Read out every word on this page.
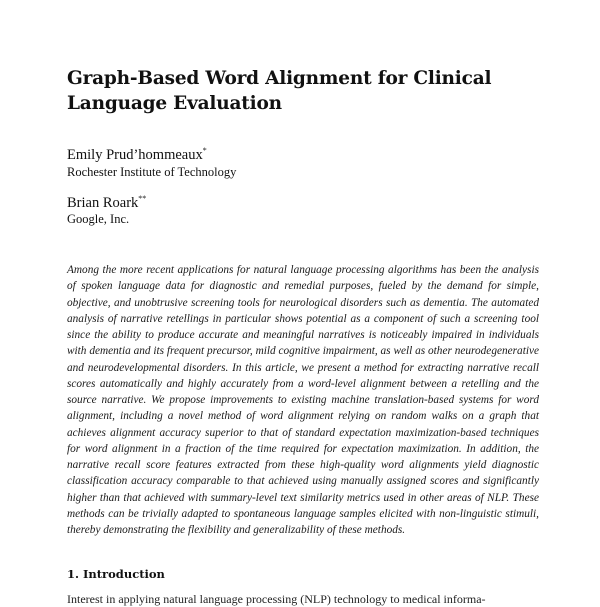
Graph-Based Word Alignment for Clinical
Language Evaluation
Emily Prud’hommeaux*
Rochester Institute of Technology
Brian Roark**
Google, Inc.
Among the more recent applications for natural language processing algorithms has been the analysis of spoken language data for diagnostic and remedial purposes, fueled by the demand for simple, objective, and unobtrusive screening tools for neurological disorders such as dementia. The automated analysis of narrative retellings in particular shows potential as a component of such a screening tool since the ability to produce accurate and meaningful narratives is noticeably impaired in individuals with dementia and its frequent precursor, mild cognitive impairment, as well as other neurodegenerative and neurodevelopmental disorders. In this article, we present a method for extracting narrative recall scores automatically and highly accurately from a word-level alignment between a retelling and the source narrative. We propose improvements to existing machine translation-based systems for word alignment, including a novel method of word alignment relying on random walks on a graph that achieves alignment accuracy superior to that of standard expectation maximization-based techniques for word alignment in a fraction of the time required for expectation maximization. In addition, the narrative recall score features extracted from these high-quality word alignments yield diagnostic classification accuracy comparable to that achieved using manually assigned scores and significantly higher than that achieved with summary-level text similarity metrics used in other areas of NLP. These methods can be trivially adapted to spontaneous language samples elicited with non-linguistic stimuli, thereby demonstrating the flexibility and generalizability of these methods.
1. Introduction
Interest in applying natural language processing (NLP) technology to medical informa-
